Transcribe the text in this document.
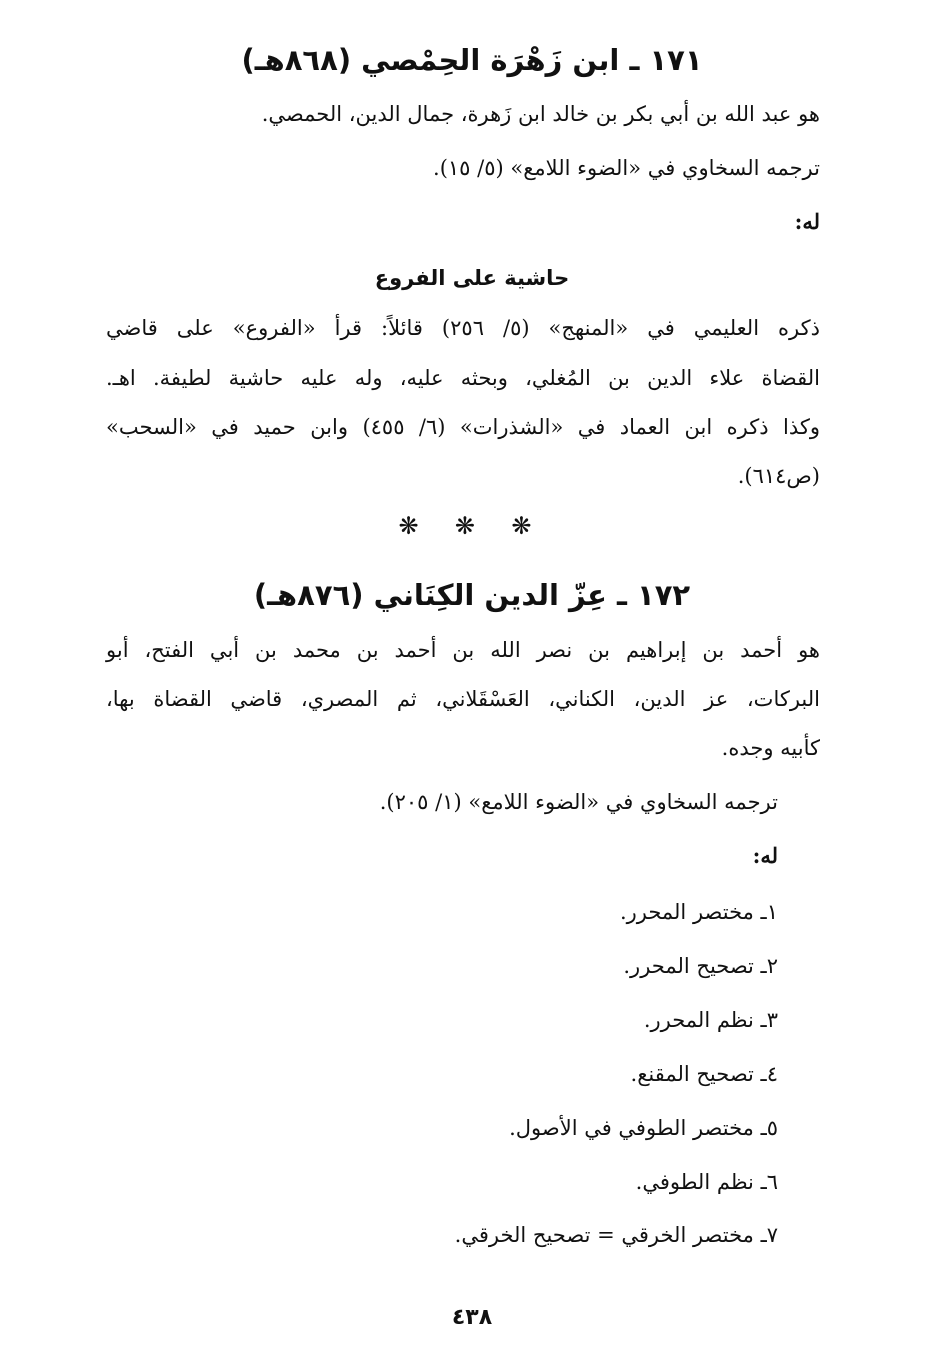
١٧١ ـ ابن زَهْرَة الحِمْصي (٨٦٨هـ)
هو عبد الله بن أبي بكر بن خالد ابن زَهرة، جمال الدين، الحمصي.
ترجمه السخاوي في «الضوء اللامع» (٥/ ١٥).
له:
حاشية على الفروع
ذكره العليمي في «المنهج» (٥/ ٢٥٦) قائلاً: قرأ «الفروع» على قاضي
القضاة علاء الدين بن المُغلي، وبحثه عليه، وله عليه حاشية لطيفة. اهـ.
وكذا ذكره ابن العماد في «الشذرات» (٦/ ٤٥٥) وابن حميد في «السحب»
(ص٦١٤).
❋ ❋ ❋
١٧٢ ـ عِزّ الدين الكِنَاني (٨٧٦هـ)
هو أحمد بن إبراهيم بن نصر الله بن أحمد بن محمد بن أبي الفتح، أبو
البركات، عز الدين، الكناني، العَسْقَلاني، ثم المصري، قاضي القضاة بها،
كأبيه وجده.
ترجمه السخاوي في «الضوء اللامع» (١/ ٢٠٥).
له:
١ـ مختصر المحرر.
٢ـ تصحيح المحرر.
٣ـ نظم المحرر.
٤ـ تصحيح المقنع.
٥ـ مختصر الطوفي في الأصول.
٦ـ نظم الطوفي.
٧ـ مختصر الخرقي = تصحيح الخرقي.
٤٣٨
